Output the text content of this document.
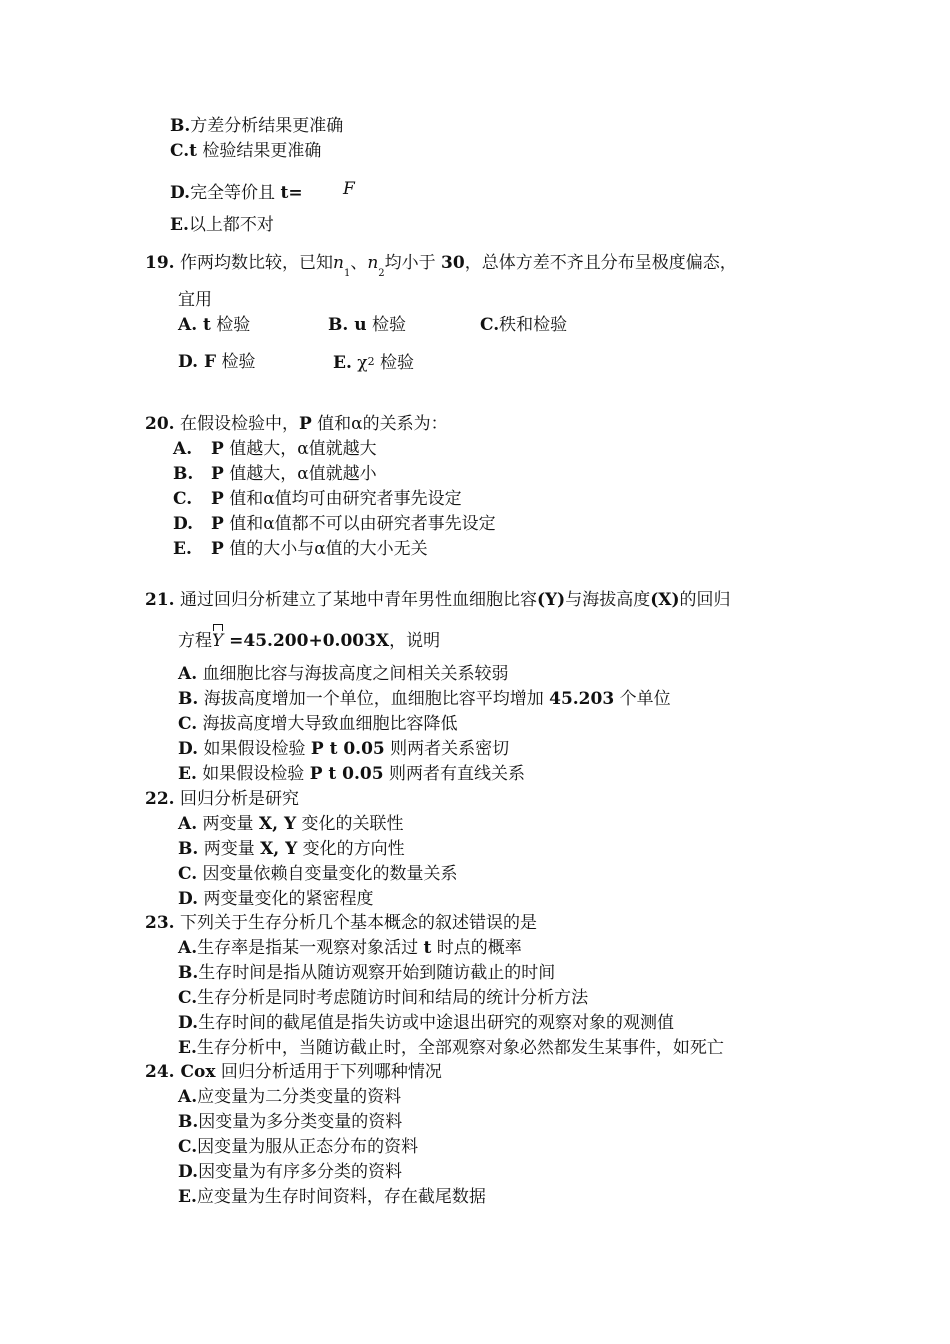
B.方差分析结果更准确
C.t 检验结果更准确
D.完全等价且 t= F
E.以上都不对
19. 作两均数比较，已知$n_1$、$n_2$均小于 30，总体方差不齐且分布呈极度偏态，
宜用
A. t 检验	B. u 检验	C.秩和检验
D. F 检验	E. $\chi^2$ 检验
20. 在假设检验中，P 值和α的关系为：
A. P 值越大，α值就越大
B. P 值越大，α值就越小
C. P 值和α值均可由研究者事先设定
D. P 值和α值都不可以由研究者事先设定
E. P 值的大小与α值的大小无关
21. 通过回归分析建立了某地中青年男性血细胞比容(Y)与海拔高度(X)的回归
方程Y
=45.200+0.003X，说明
A. 血细胞比容与海拔高度之间相关关系较弱
B. 海拔高度增加一个单位，血细胞比容平均增加 45.203 个单位
C. 海拔高度增大导致血细胞比容降低
D. 如果假设检验 P t 0.05 则两者关系密切
E. 如果假设检验 P t 0.05 则两者有直线关系
22. 回归分析是研究
A. 两变量 X, Y 变化的关联性
B. 两变量 X, Y 变化的方向性
C. 因变量依赖自变量变化的数量关系
D. 两变量变化的紧密程度
23. 下列关于生存分析几个基本概念的叙述错误的是
A.生存率是指某一观察对象活过 t 时点的概率
B.生存时间是指从随访观察开始到随访截止的时间
C.生存分析是同时考虑随访时间和结局的统计分析方法
D.生存时间的截尾值是指失访或中途退出研究的观察对象的观测值
E.生存分析中，当随访截止时，全部观察对象必然都发生某事件，如死亡
24. Cox 回归分析适用于下列哪种情况
A.应变量为二分类变量的资料
B.因变量为多分类变量的资料
C.因变量为服从正态分布的资料
D.因变量为有序多分类的资料
E.应变量为生存时间资料，存在截尾数据
